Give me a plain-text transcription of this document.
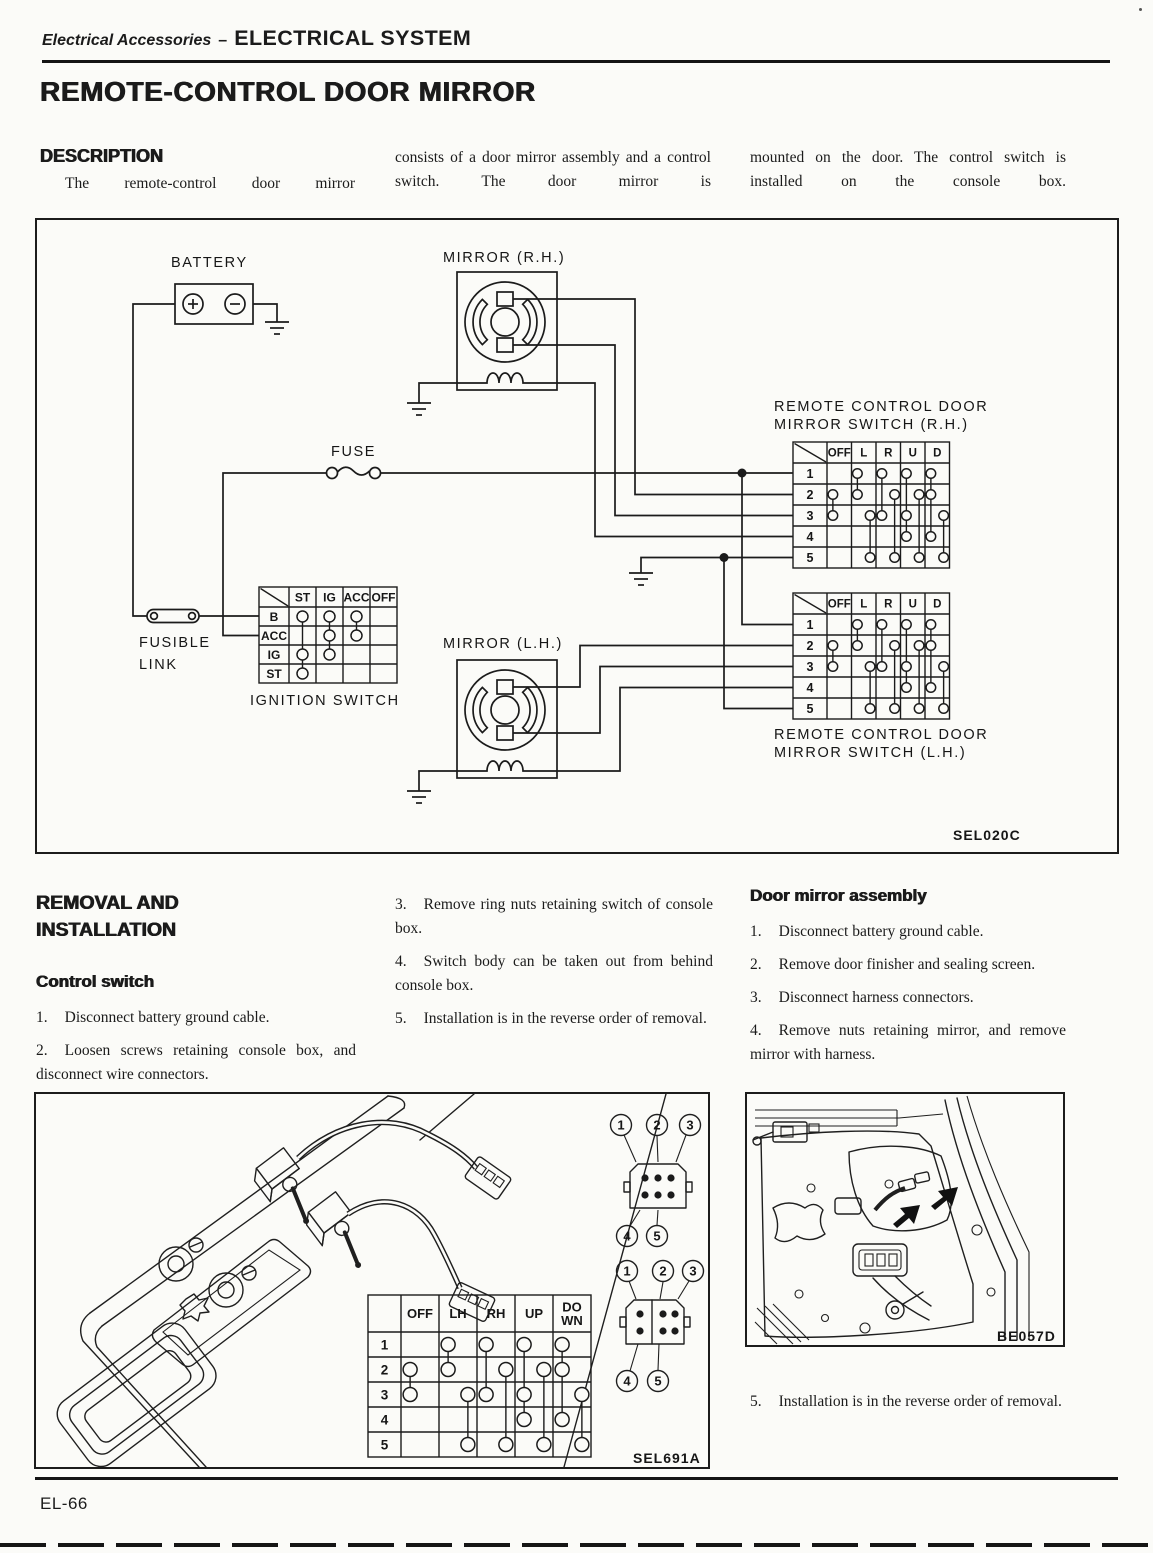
Electrical Accessories – ELECTRICAL SYSTEM
REMOTE-CONTROL DOOR MIRROR
DESCRIPTION
The remote-control door mirror
consists of a door mirror assembly and a control switch. The door mirror is
mounted on the door. The control switch is installed on the console box.
BATTERY
FUSIBLE
LINK
ST IG ACC OFF
B
ACC
IG
ST
IGNITION SWITCH
FUSE
MIRROR (R.H.)
REMOTE CONTROL DOOR
MIRROR SWITCH (R.H.)
OFF L R U D
1
2
3
4
5
OFF L R U D
1
2
3
4
5
REMOTE CONTROL DOOR
MIRROR SWITCH (L.H.)
MIRROR (L.H.)
SEL020C
REMOVAL AND
INSTALLATION
Control switch

1. Disconnect battery ground cable.

2. Loosen screws retaining console box, and disconnect wire connectors.

3. Remove ring nuts retaining switch of console box.

4. Switch body can be taken out from behind console box.

5. Installation is in the reverse order of removal.

Door mirror assembly

1. Disconnect battery ground cable.

2. Remove door finisher and sealing screen.

3. Disconnect harness connectors.

4. Remove nuts retaining mirror, and remove mirror with harness.

1 2 3
4 5
1 2 3
4 5
OFF LH RH UP DO WN
1
2
3
4
5
SEL691A
BE057D

5. Installation is in the reverse order of removal.

EL-66
